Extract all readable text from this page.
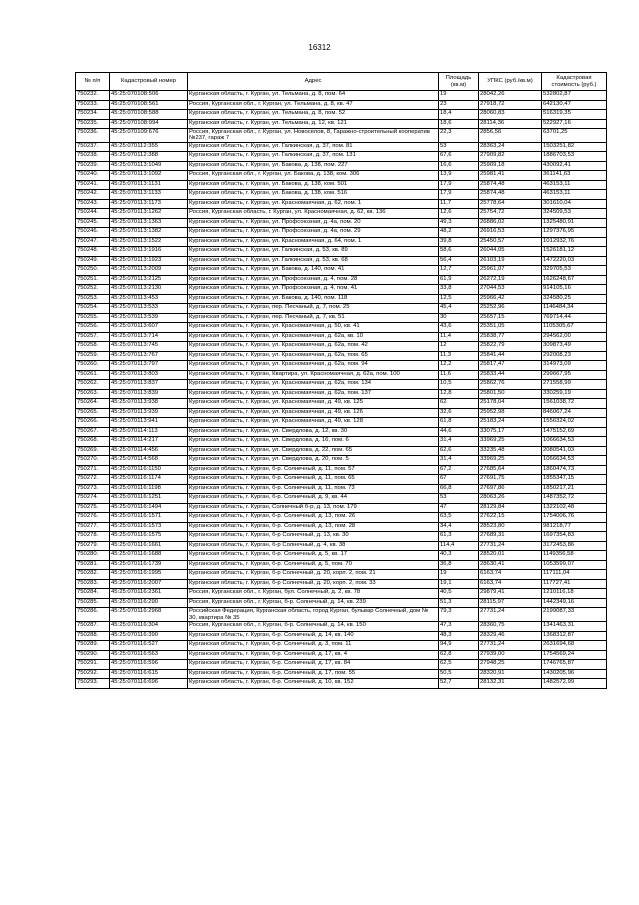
16312
№ п/п	Кадастровый номер	Адрес	Площадь (кв.м)	УПКС (руб./кв.м)	Кадастровая стоимость (руб.)
750232.	45:25:070108:506	Курганская область, г. Курган, ул. Тельмана, д. 8, пом. 64	19	28042,26	532802,87
750233.	45:25:070108:561	Россия, Курганская обл., г. Курган, ул. Тельмана, д. 8, кв. 47	23	27918,72	642130,47
750234.	45:25:070108:588	Курганская область, г. Курган, ул. Тельмана, д. 8, пом. 52	18,4	28060,83	516319,35
750235.	45:25:070108:994	Курганская область, г. Курган, ул. Тельмана, д. 12, кв. 121	18,6	28114,36	522927,16
750236.	45:25:070109:676	Россия, Курганская обл., г. Курган, ул. Новоселов, 8, Гаражно-строительный кооператив №237, гараж 7	22,3	2856,56	63701,25
750237.	45:25:070112:355	Курганская область, г. Курган, ул. Галкинская, д. 37, пом. 81	53	28363,24	1503251,82
750238.	45:25:070112:388	Курганская область, г. Курган, ул. Галкинская, д. 37, пом. 131	67,6	27909,82	1886703,53
750239.	45:25:070113:1049	Курганская область, г. Курган, ул. Бакова, д. 138, пом. 227	16,6	25909,18	430092,41
750240.	45:25:070113:1092	Россия, Курганская обл., г. Курган, ул. Бакова, д. 138, ком. 306	13,9	25981,41	361141,63
750241.	45:25:070113:1131	Курганская область, г. Курган, ул. Бакова, д. 138, ком. 501	17,9	25874,48	463153,11
750242.	45:25:070113:1133	Курганская область, г. Курган, ул. Бакова, д. 138, ком. 516	17,9	25874,48	463153,11
750243.	45:25:070113:1173	Курганская область, г. Курган, ул. Красномаячная, д. 62, пом. 1	11,7	25778,64	301610,04
750244.	45:25:070113:1262	Россия, Курганская область, г. Курган, ул. Красномаячная, д. 62, кв. 136	12,6	25754,72	324509,53
750245.	45:25:070113:1363	Курганская область, г. Курган, ул. Профсоюзная, д. 4а, пом. 20	49,3	26886,02	1325480,91
750246.	45:25:070113:1382	Курганская область, г. Курган, ул. Профсоюзная, д. 4а, пом. 29	48,2	26916,53	1297376,95
750247.	45:25:070113:1522	Курганская область, г. Курган, ул. Красномаячная, д. 64, пом. 1	39,8	25450,57	1012932,76
750248.	45:25:070113:1916	Курганская область, г. Курган, ул. Галкинская, д. 53, кв. 89	58,6	26044,05	1526181,12
750249.	45:25:070113:1923	Курганская область, г. Курган, ул. Галкинская, д. 53, кв. 68	56,4	26103,19	1472220,03
750250.	45:25:070113:2009	Курганская область, г. Курган, ул. Бакова, д. 140, пом. 41	12,7	25961,07	329705,53
750251.	45:25:070113:2125	Курганская область, г. Курган, ул. Профсоюзная, д. 4, пом. 28	61,9	26272,19	1626248,67
750252.	45:25:070113:2130	Курганская область, г. Курган, ул. Профсоюзная, д. 4, пом. 41	33,8	27044,53	914105,16
750253.	45:25:070113:453	Курганская область, г. Курган, ул. Бакова, д. 140, пом. 118	12,5	25966,42	324580,25
750254.	45:25:070113:533	Курганская область, г. Курган, пер. Песчаный, д. 7, пом. 25	45,4	25252,96	1146484,34
750255.	45:25:070113:539	Курганская область, г. Курган, пер. Песчаный, д. 7, кв. 51	30	25657,15	769714,44
750256.	45:25:070113:607	Курганская область, г. Курган, ул. Красномаячная, д. 50, кв. 41	43,6	25351,05	1105305,67
750257.	45:25:070113:714	Курганская область, г. Курган, ул. Красномаячная, д. 62а, кв. 10	11,4	25838,77	294562,00
750258.	45:25:070113:745	Курганская область, г. Курган, ул. Красномаячная, д. 62а, пом. 42	12	25822,79	309873,49
750259.	45:25:070113:767	Курганская область, г. Курган, ул. Красномаячная, д. 62а, пом. 65	11,3	25841,44	292008,23
750260.	45:25:070113:797	Курганская область, г. Курган, ул. Красномаячная, д. 62а, пом. 94	12,2	25817,47	314973,09
750261.	45:25:070113:803	Курганская область, г. Курган, Квартира, ул. Красномаячная, д. 62а, пом. 100	11,6	25833,44	299667,95
750262.	45:25:070113:837	Курганская область, г. Курган, ул. Красномаячная, д. 62а, пом. 134	10,5	25862,76	271558,99
750263.	45:25:070113:839	Курганская область, г. Курган, ул. Красномаячная, д. 62а, пом. 137	12,8	25801,50	330259,19
750264.	45:25:070113:938	Курганская область, г. Курган, ул. Красномаячная, д. 49, кв. 125	62	25178,04	1561038,72
750265.	45:25:070113:939	Курганская область, г. Курган, ул. Красномаячная, д. 49, кв. 126	32,6	25952,98	846067,24
750266.	45:25:070113:941	Курганская область, г. Курган, ул. Красномаячная, д. 49, кв. 128	61,8	25183,24	1556324,02
750267.	45:25:070114:113	Курганская область, г. Курган, ул. Свердлова, д. 12, кв. 30	44,6	33075,17	1475152,69
750268.	45:25:070114:217	Курганская область, г. Курган, ул. Свердлова, д. 16, пом. 6	31,4	33969,25	1066634,53
750269.	45:25:070114:456	Курганская область, г. Курган, ул. Свердлова, д. 22, пом. 65	62,6	33235,48	2080541,03
750270.	45:25:070114:568	Курганская область, г. Курган, ул. Свердлова, д. 20, пом. 5	31,4	33969,25	1066634,53
750271.	45:25:070116:1150	Курганская область, г. Курган, б-р. Солнечный, д. 11, пом. 57	67,2	27685,64	1860474,73
750272.	45:25:070116:1174	Курганская область, г. Курган, б-р. Солнечный, д. 11, пом. 65	67	27691,75	1855347,15
750273.	45:25:070116:1198	Курганская область, г. Курган, б-р. Солнечный, д. 11, пом. 73	66,8	27697,86	1850217,21
750274.	45:25:070116:1251	Курганская область, г. Курган, б-р. Солнечный, д. 9, кв. 44	53	28063,26	1487352,72
750275.	45:25:070116:1494	Курганская область, г. Курган, Солнечный б-р, д. 13, пом. 179	47	28129,84	1322102,48
750276.	45:25:070116:1571	Курганская область, г. Курган, б-р. Солнечный, д. 13, пом. 26	63,5	27622,15	1754006,76
750277.	45:25:070116:1573	Курганская область, г. Курган, б-р. Солнечный, д. 13, пом. 28	34,4	28523,80	981218,77
750278.	45:25:070116:1575	Курганская область, г. Курган, б-р Солнечный, д. 13, кв. 30	61,3	27689,31	1697354,83
750279.	45:25:070116:1661	Курганская область, г. Курган, б-р Солнечный, д. 4, кв. 38	114,4	27731,24	3172453,86
750280.	45:25:070116:1688	Курганская область, г. Курган, б-р. Солнечный, д. 5, кв. 17	40,3	28520,01	1149356,58
750281.	45:25:070116:1739	Курганская область, г. Курган, б-р. Солнечный, д. 5, пом. 70	36,8	28630,41	1053599,07
750282.	45:25:070116:1995	Курганская область, г. Курган, б-р Солнечный, д. 20, корп. 2, пом. 21	19	6163,74	117111,04
750283.	45:25:070116:2007	Курганская область, г. Курган, б-р Солнечный, д. 20, корп. 2, пом. 33	19,1	6163,74	117727,41
750284.	45:25:070116:2361	Россия, Курганская обл., г. Курган, бул. Солнечный, д. 2, кв. 78	40,5	29879,41	1210116,18
750285.	45:25:070116:290	Россия, Курганская обл., г. Курган, б-р. Солнечный, д. 14, кв. 239	51,3	28115,97	1442349,16
750286.	45:25:070116:2968	Российская Федерация, Курганская область, город Курган, бульвар Солнечный, дом № 30, квартира № 35	79,3	27731,24	2199087,33
750287.	45:25:070116:304	Россия, Курганская обл., г. Курган, б-р. Солнечный, д. 14, кв. 150	47,3	28360,75	1341463,31
750288.	45:25:070116:390	Курганская область, г. Курган, б-р. Солнечный, д. 14, кв. 140	48,3	28329,46	1368312,87
750289.	45:25:070116:527	Курганская область, г. Курган, б-р. Солнечный, д. 3, пом. 11	94,9	27731,24	2631694,68
750290.	45:25:070116:563	Курганская область, г. Курган, б-р. Солнечный, д. 17, кв. 4	62,8	27939,00	1754569,24
750291.	45:25:070116:596	Курганская область, г. Курган, б-р. Солнечный, д. 17, кв. 84	62,5	27948,25	1746765,87
750292.	45:25:070116:615	Курганская область, г. Курган, б-р. Солнечный, д. 17, пом. 55	50,5	28320,91	1430205,96
750293.	45:25:070116:696	Курганская область, г. Курган, б-р. Солнечный, д. 10, кв. 152	52,7	28132,31	1482572,99
